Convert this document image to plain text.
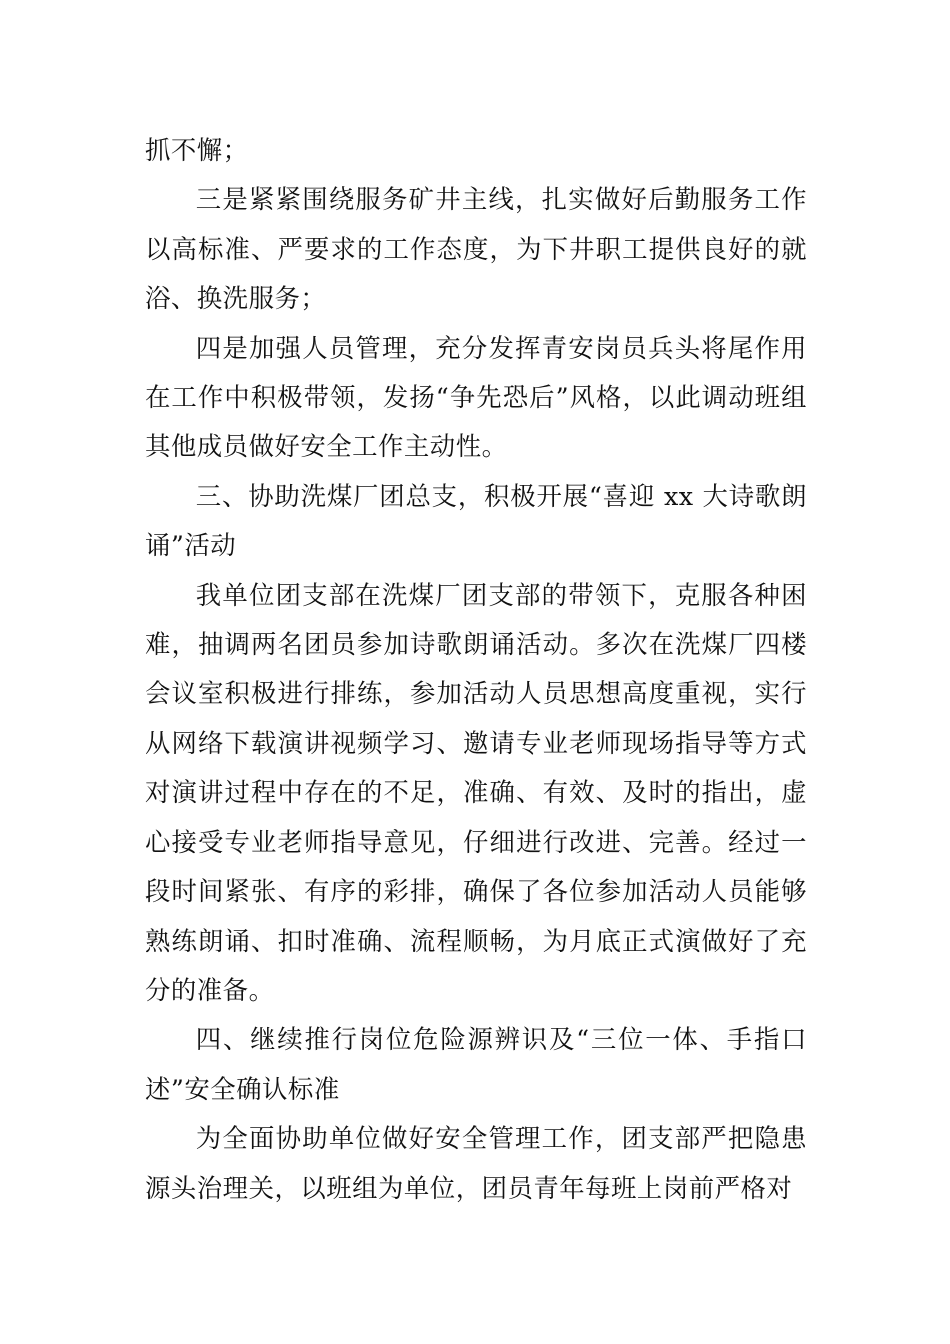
抓不懈；

三是紧紧围绕服务矿井主线，扎实做好后勤服务工作以高标准、严要求的工作态度，为下井职工提供良好的就浴、换洗服务；

四是加强人员管理，充分发挥青安岗员兵头将尾作用在工作中积极带领，发扬“争先恐后”风格，以此调动班组其他成员做好安全工作主动性。

三、协助洗煤厂团总支，积极开展“喜迎 xx 大诗歌朗诵”活动

我单位团支部在洗煤厂团支部的带领下，克服各种困难，抽调两名团员参加诗歌朗诵活动。多次在洗煤厂四楼会议室积极进行排练，参加活动人员思想高度重视，实行从网络下载演讲视频学习、邀请专业老师现场指导等方式对演讲过程中存在的不足，准确、有效、及时的指出，虚心接受专业老师指导意见，仔细进行改进、完善。经过一段时间紧张、有序的彩排，确保了各位参加活动人员能够熟练朗诵、扣时准确、流程顺畅，为月底正式演做好了充分的准备。

四、继续推行岗位危险源辨识及“三位一体、手指口述”安全确认标准

为全面协助单位做好安全管理工作，团支部严把隐患源头治理关，以班组为单位，团员青年每班上岗前严格对
